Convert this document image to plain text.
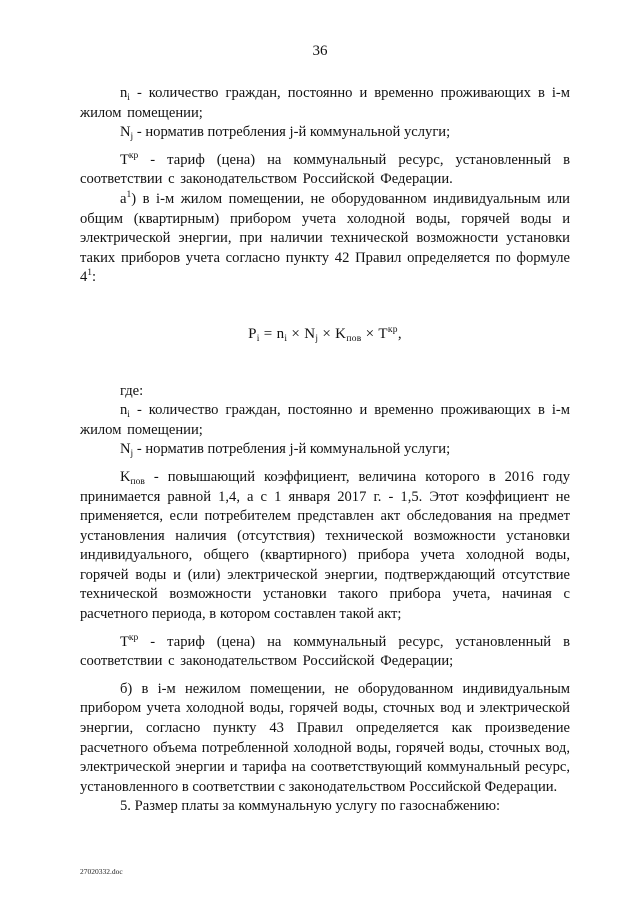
36

$n_i$ - количество граждан, постоянно и временно проживающих в i-м жилом помещении;

$N_j$ - норматив потребления j-й коммунальной услуги;

$T^{кр}$ - тариф (цена) на коммунальный ресурс, установленный в соответствии с законодательством Российской Федерации.

$а^1$) в i-м жилом помещении, не оборудованном индивидуальным или общим (квартирным) прибором учета холодной воды, горячей воды и электрической энергии, при наличии технической возможности установки таких приборов учета согласно пункту 42 Правил определяется по формуле $4^1$:

$P_i = n_i \times N_j \times K_{пов} \times T^{кр}$,

где:

$n_i$ - количество граждан, постоянно и временно проживающих в i-м жилом помещении;

$N_j$ - норматив потребления j-й коммунальной услуги;

$K_{пов}$ - повышающий коэффициент, величина которого в 2016 году принимается равной 1,4, а с 1 января 2017 г. - 1,5. Этот коэффициент не применяется, если потребителем представлен акт обследования на предмет установления наличия (отсутствия) технической возможности установки индивидуального, общего (квартирного) прибора учета холодной воды, горячей воды и (или) электрической энергии, подтверждающий отсутствие технической возможности установки такого прибора учета, начиная с расчетного периода, в котором составлен такой акт;

$T^{кр}$ - тариф (цена) на коммунальный ресурс, установленный в соответствии с законодательством Российской Федерации;

б) в i-м нежилом помещении, не оборудованном индивидуальным прибором учета холодной воды, горячей воды, сточных вод и электрической энергии, согласно пункту 43 Правил определяется как произведение расчетного объема потребленной холодной воды, горячей воды, сточных вод, электрической энергии и тарифа на соответствующий коммунальный ресурс, установленного в соответствии с законодательством Российской Федерации.

5. Размер платы за коммунальную услугу по газоснабжению:

27020332.doc
